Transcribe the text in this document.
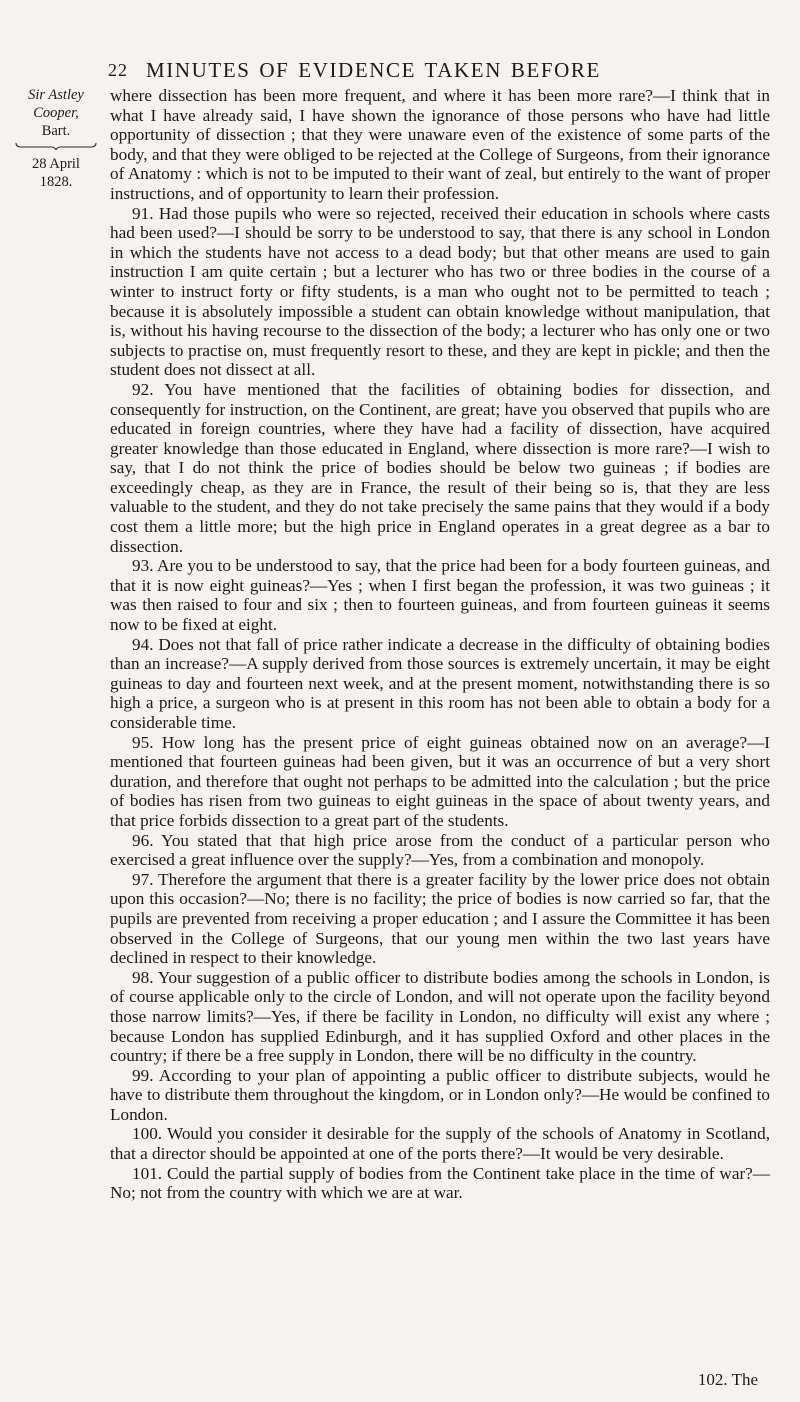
22 MINUTES OF EVIDENCE TAKEN BEFORE
Sir Astley Cooper,
Bart.
28 April
1828.

where dissection has been more frequent, and where it has been more rare?—I think that in what I have already said, I have shown the ignorance of those persons who have had little opportunity of dissection ; that they were unaware even of the existence of some parts of the body, and that they were obliged to be rejected at the College of Surgeons, from their ignorance of Anatomy : which is not to be imputed to their want of zeal, but entirely to the want of proper instructions, and of opportunity to learn their profession.

91. Had those pupils who were so rejected, received their education in schools where casts had been used?—I should be sorry to be understood to say, that there is any school in London in which the students have not access to a dead body; but that other means are used to gain instruction I am quite certain ; but a lecturer who has two or three bodies in the course of a winter to instruct forty or fifty students, is a man who ought not to be permitted to teach ; because it is absolutely impossible a student can obtain knowledge without manipulation, that is, without his having recourse to the dissection of the body; a lecturer who has only one or two subjects to practise on, must frequently resort to these, and they are kept in pickle; and then the student does not dissect at all.

92. You have mentioned that the facilities of obtaining bodies for dissection, and consequently for instruction, on the Continent, are great; have you observed that pupils who are educated in foreign countries, where they have had a facility of dissection, have acquired greater knowledge than those educated in England, where dissection is more rare?—I wish to say, that I do not think the price of bodies should be below two guineas ; if bodies are exceedingly cheap, as they are in France, the result of their being so is, that they are less valuable to the student, and they do not take precisely the same pains that they would if a body cost them a little more; but the high price in England operates in a great degree as a bar to dissection.

93. Are you to be understood to say, that the price had been for a body fourteen guineas, and that it is now eight guineas?—Yes ; when I first began the profession, it was two guineas ; it was then raised to four and six ; then to fourteen guineas, and from fourteen guineas it seems now to be fixed at eight.

94. Does not that fall of price rather indicate a decrease in the difficulty of obtaining bodies than an increase?—A supply derived from those sources is extremely uncertain, it may be eight guineas to day and fourteen next week, and at the present moment, notwithstanding there is so high a price, a surgeon who is at present in this room has not been able to obtain a body for a considerable time.

95. How long has the present price of eight guineas obtained now on an average?—I mentioned that fourteen guineas had been given, but it was an occurrence of but a very short duration, and therefore that ought not perhaps to be admitted into the calculation ; but the price of bodies has risen from two guineas to eight guineas in the space of about twenty years, and that price forbids dissection to a great part of the students.

96. You stated that that high price arose from the conduct of a particular person who exercised a great influence over the supply?—Yes, from a combination and monopoly.

97. Therefore the argument that there is a greater facility by the lower price does not obtain upon this occasion?—No; there is no facility; the price of bodies is now carried so far, that the pupils are prevented from receiving a proper education ; and I assure the Committee it has been observed in the College of Surgeons, that our young men within the two last years have declined in respect to their knowledge.

98. Your suggestion of a public officer to distribute bodies among the schools in London, is of course applicable only to the circle of London, and will not operate upon the facility beyond those narrow limits?—Yes, if there be facility in London, no difficulty will exist any where ; because London has supplied Edinburgh, and it has supplied Oxford and other places in the country; if there be a free supply in London, there will be no difficulty in the country.

99. According to your plan of appointing a public officer to distribute subjects, would he have to distribute them throughout the kingdom, or in London only?—He would be confined to London.

100. Would you consider it desirable for the supply of the schools of Anatomy in Scotland, that a director should be appointed at one of the ports there?—It would be very desirable.

101. Could the partial supply of bodies from the Continent take place in the time of war?—No; not from the country with which we are at war.

102. The
